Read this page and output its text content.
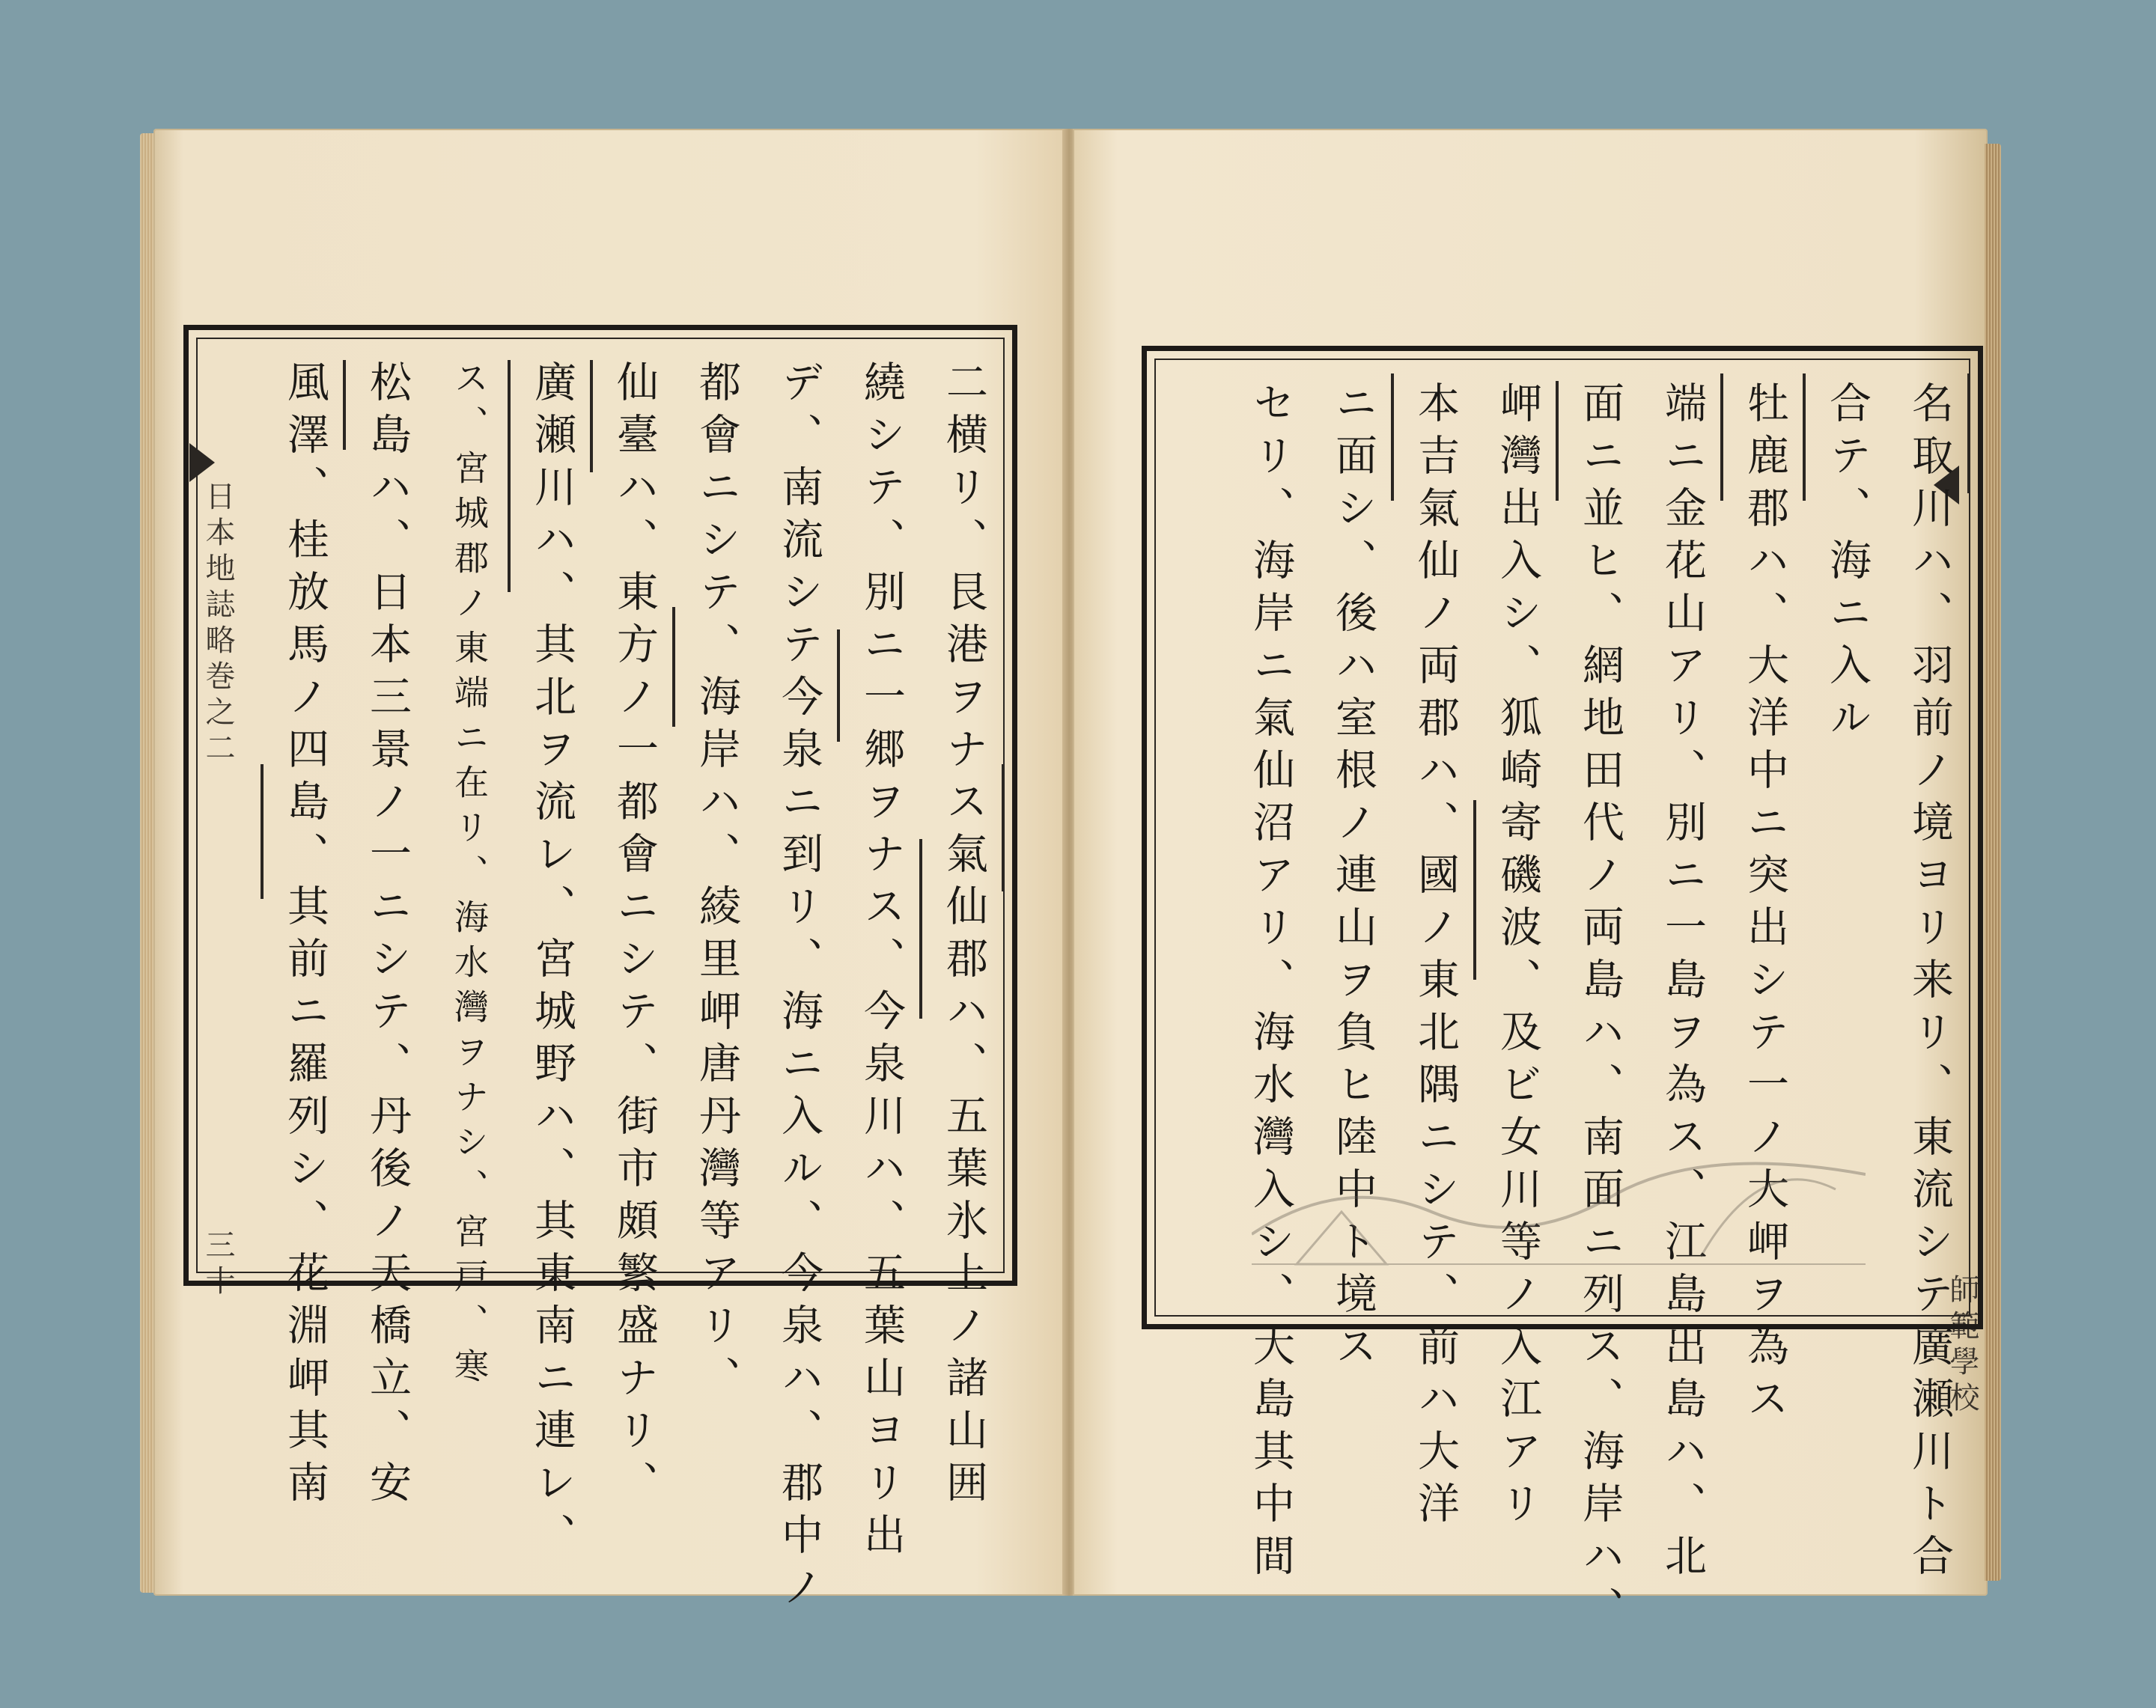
日本地誌略巻之二
三十	二横リ、艮港ヲナス氣仙郡ハ、五葉氷上ノ諸山囲
繞シテ、別ニ一郷ヲナス、今泉川ハ、五葉山ヨリ出
デ、南流シテ今泉ニ到リ、海ニ入ル、今泉ハ、郡中ノ
都會ニシテ、海岸ハ、綾里岬唐丹灣等アリ、
仙臺ハ、東方ノ一都會ニシテ、街市頗繁盛ナリ、
廣瀬川ハ、其北ヲ流レ、宮城野ハ、其東南ニ連レ、
ス、宮城郡ノ東端ニ在リ、海水灣ヲナシ、宮戸、寒
松島ハ、日本三景ノ一ニシテ、丹後ノ天橋立、安
風澤、桂放馬ノ四島、其前ニ羅列シ、花淵岬其南	師範學校
名取川ハ、羽前ノ境ヨリ来リ、東流シテ廣瀬川ト合
合テ、海ニ入ル
牡鹿郡ハ、大洋中ニ突出シテ一ノ大岬ヲ為ス
端ニ金花山アリ、別ニ一島ヲ為ス、江島出島ハ、北
面ニ並ヒ、網地田代ノ両島ハ、南面ニ列ス、海岸ハ、
岬灣出入シ、狐崎寄磯波、及ビ女川等ノ入江アリ
本吉氣仙ノ両郡ハ、國ノ東北隅ニシテ、前ハ大洋
ニ面シ、後ハ室根ノ連山ヲ負ヒ陸中ト境ス
セリ、海岸ニ氣仙沼アリ、海水灣入シ、大島其中間
